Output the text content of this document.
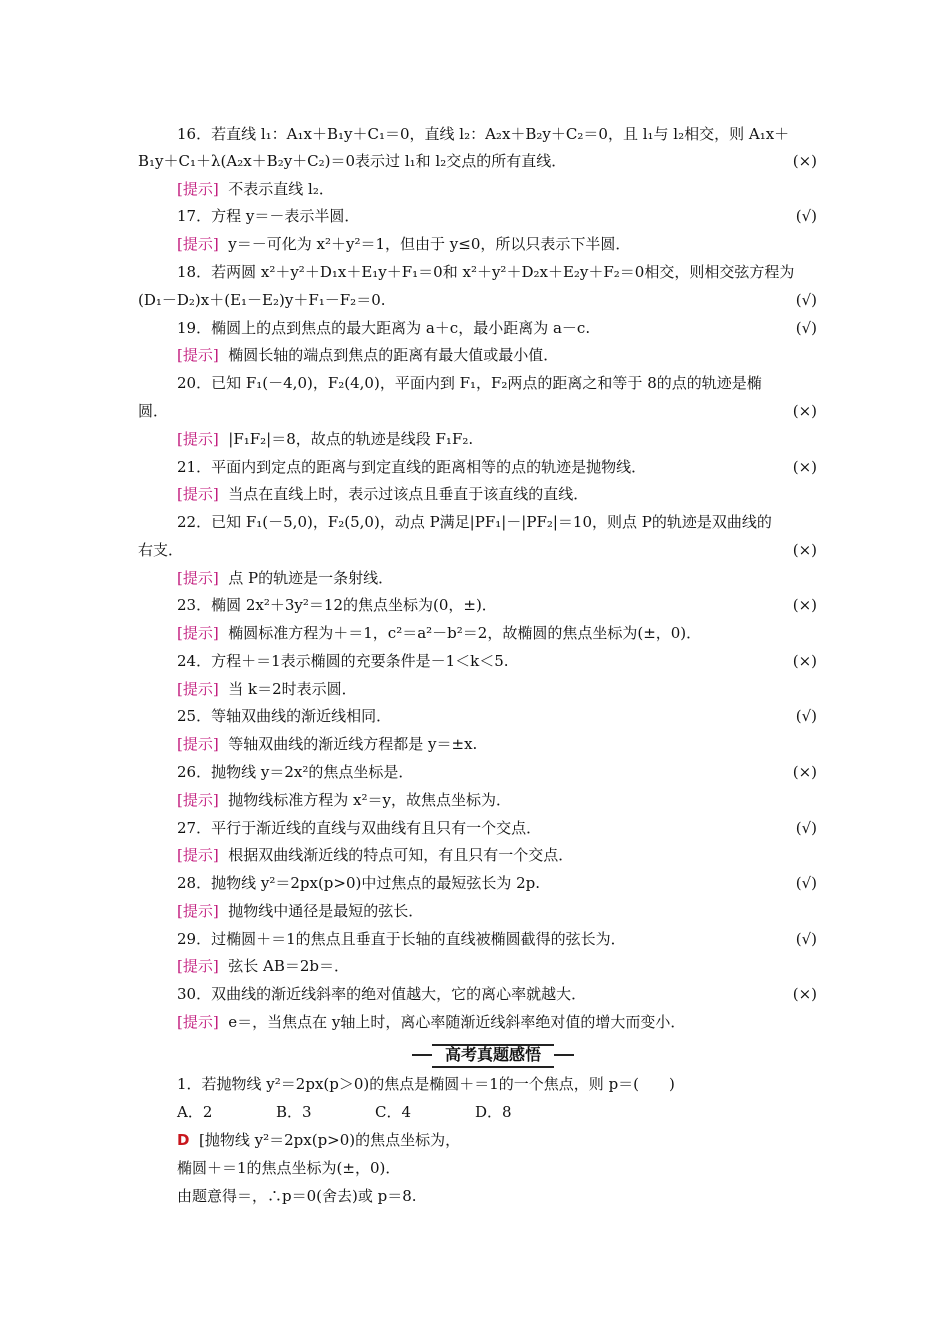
16．若直线 l₁：A₁x＋B₁y＋C₁＝0，直线 l₂：A₂x＋B₂y＋C₂＝0，且 l₁与 l₂相交，则 A₁x＋
B₁y＋C₁＋λ(A₂x＋B₂y＋C₂)＝0表示过 l₁和 l₂交点的所有直线．	(×)
[提示] 不表示直线 l₂．
17．方程 y＝－表示半圆．	(√)
[提示] y＝－可化为 x²＋y²＝1，但由于 y≤0，所以只表示下半圆．
18．若两圆 x²＋y²＋D₁x＋E₁y＋F₁＝0和 x²＋y²＋D₂x＋E₂y＋F₂＝0相交，则相交弦方程为
(D₁－D₂)x＋(E₁－E₂)y＋F₁－F₂＝0.	(√)
19．椭圆上的点到焦点的最大距离为 a＋c，最小距离为 a－c.	(√)
[提示] 椭圆长轴的端点到焦点的距离有最大值或最小值．
20．已知 F₁(－4,0)，F₂(4,0)，平面内到 F₁，F₂两点的距离之和等于 8的点的轨迹是椭
圆．	(×)
[提示] |F₁F₂|＝8，故点的轨迹是线段 F₁F₂.
21．平面内到定点的距离与到定直线的距离相等的点的轨迹是抛物线．	(×)
[提示] 当点在直线上时，表示过该点且垂直于该直线的直线．
22．已知 F₁(－5,0)，F₂(5,0)，动点 P满足|PF₁|－|PF₂|＝10，则点 P的轨迹是双曲线的
右支．	(×)
[提示] 点 P的轨迹是一条射线．
23．椭圆 2x²＋3y²＝12的焦点坐标为(0，±)．	(×)
[提示] 椭圆标准方程为＋＝1，c²＝a²－b²＝2，故椭圆的焦点坐标为(±，0)．
24．方程＋＝1表示椭圆的充要条件是－1＜k＜5.	(×)
[提示] 当 k＝2时表示圆．
25．等轴双曲线的渐近线相同．	(√)
[提示] 等轴双曲线的渐近线方程都是 y＝±x.
26．抛物线 y＝2x²的焦点坐标是．	(×)
[提示] 抛物线标准方程为 x²＝y，故焦点坐标为．
27．平行于渐近线的直线与双曲线有且只有一个交点．	(√)
[提示] 根据双曲线渐近线的特点可知，有且只有一个交点．
28．抛物线 y²＝2px(p>0)中过焦点的最短弦长为 2p.	(√)
[提示] 抛物线中通径是最短的弦长．
29．过椭圆＋＝1的焦点且垂直于长轴的直线被椭圆截得的弦长为．	(√)
[提示] 弦长 AB＝2b＝．
30．双曲线的渐近线斜率的绝对值越大，它的离心率就越大．	(×)
[提示] e＝，当焦点在 y轴上时，离心率随渐近线斜率绝对值的增大而变小．
高考真题感悟
1．若抛物线 y²＝2px(p＞0)的焦点是椭圆＋＝1的一个焦点，则 p＝(　　)
A．2	B．3	C．4	D．8
D [抛物线 y²＝2px(p>0)的焦点坐标为，
椭圆＋＝1的焦点坐标为(±，0)．
由题意得＝，∴p＝0(舍去)或 p＝8.
